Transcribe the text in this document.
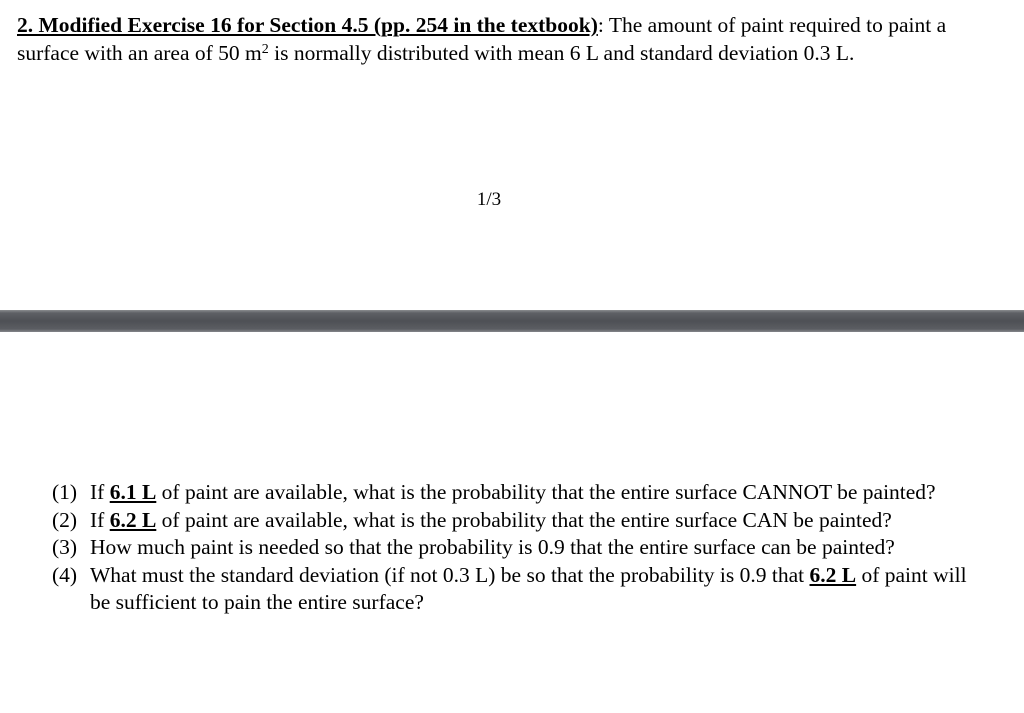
2. Modified Exercise 16 for Section 4.5 (pp. 254 in the textbook): The amount of paint required to paint a surface with an area of 50 $m^2$ is normally distributed with mean 6 L and standard deviation 0.3 L.
1/3
(1) If 6.1 L of paint are available, what is the probability that the entire surface CANNOT be painted?
(2) If 6.2 L of paint are available, what is the probability that the entire surface CAN be painted?
(3) How much paint is needed so that the probability is 0.9 that the entire surface can be painted?
(4) What must the standard deviation (if not 0.3 L) be so that the probability is 0.9 that 6.2 L of paint will be sufficient to pain the entire surface?
